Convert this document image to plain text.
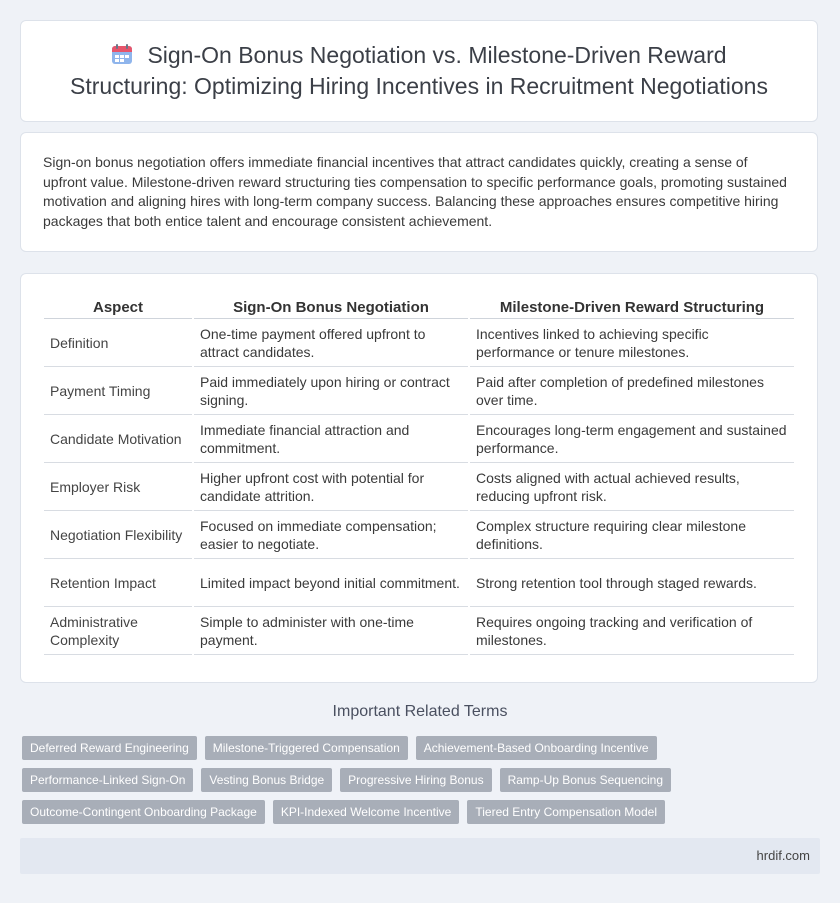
Sign-On Bonus Negotiation vs. Milestone-Driven Reward Structuring: Optimizing Hiring Incentives in Recruitment Negotiations

Sign-on bonus negotiation offers immediate financial incentives that attract candidates quickly, creating a sense of upfront value. Milestone-driven reward structuring ties compensation to specific performance goals, promoting sustained motivation and aligning hires with long-term company success. Balancing these approaches ensures competitive hiring packages that both entice talent and encourage consistent achievement.

Aspect	Sign-On Bonus Negotiation	Milestone-Driven Reward Structuring
Definition	One-time payment offered upfront to attract candidates.	Incentives linked to achieving specific performance or tenure milestones.
Payment Timing	Paid immediately upon hiring or contract signing.	Paid after completion of predefined milestones over time.
Candidate Motivation	Immediate financial attraction and commitment.	Encourages long-term engagement and sustained performance.
Employer Risk	Higher upfront cost with potential for candidate attrition.	Costs aligned with actual achieved results, reducing upfront risk.
Negotiation Flexibility	Focused on immediate compensation; easier to negotiate.	Complex structure requiring clear milestone definitions.
Retention Impact	Limited impact beyond initial commitment.	Strong retention tool through staged rewards.
Administrative Complexity	Simple to administer with one-time payment.	Requires ongoing tracking and verification of milestones.
Important Related Terms
Deferred Reward Engineering	Milestone-Triggered Compensation	Achievement-Based Onboarding Incentive
Performance-Linked Sign-On	Vesting Bonus Bridge	Progressive Hiring Bonus	Ramp-Up Bonus Sequencing
Outcome-Contingent Onboarding Package	KPI-Indexed Welcome Incentive	Tiered Entry Compensation Model
hrdif.com
